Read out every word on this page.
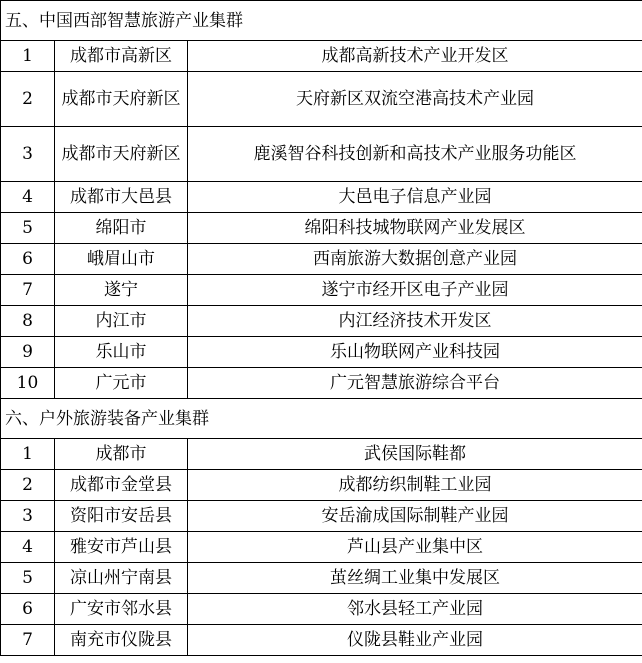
五、中国西部智慧旅游产业集群		
1	成都市高新区	成都高新技术产业开发区
2	成都市天府新区	天府新区双流空港高技术产业园
3	成都市天府新区	鹿溪智谷科技创新和高技术产业服务功能区
4	成都市大邑县	大邑电子信息产业园
5	绵阳市	绵阳科技城物联网产业发展区
6	峨眉山市	西南旅游大数据创意产业园
7	遂宁	遂宁市经开区电子产业园
8	内江市	内江经济技术开发区
9	乐山市	乐山物联网产业科技园
10	广元市	广元智慧旅游综合平台
六、户外旅游装备产业集群		
1	成都市	武侯国际鞋都
2	成都市金堂县	成都纺织制鞋工业园
3	资阳市安岳县	安岳渝成国际制鞋产业园
4	雅安市芦山县	芦山县产业集中区
5	凉山州宁南县	茧丝绸工业集中发展区
6	广安市邻水县	邻水县轻工产业园
7	南充市仪陇县	仪陇县鞋业产业园
